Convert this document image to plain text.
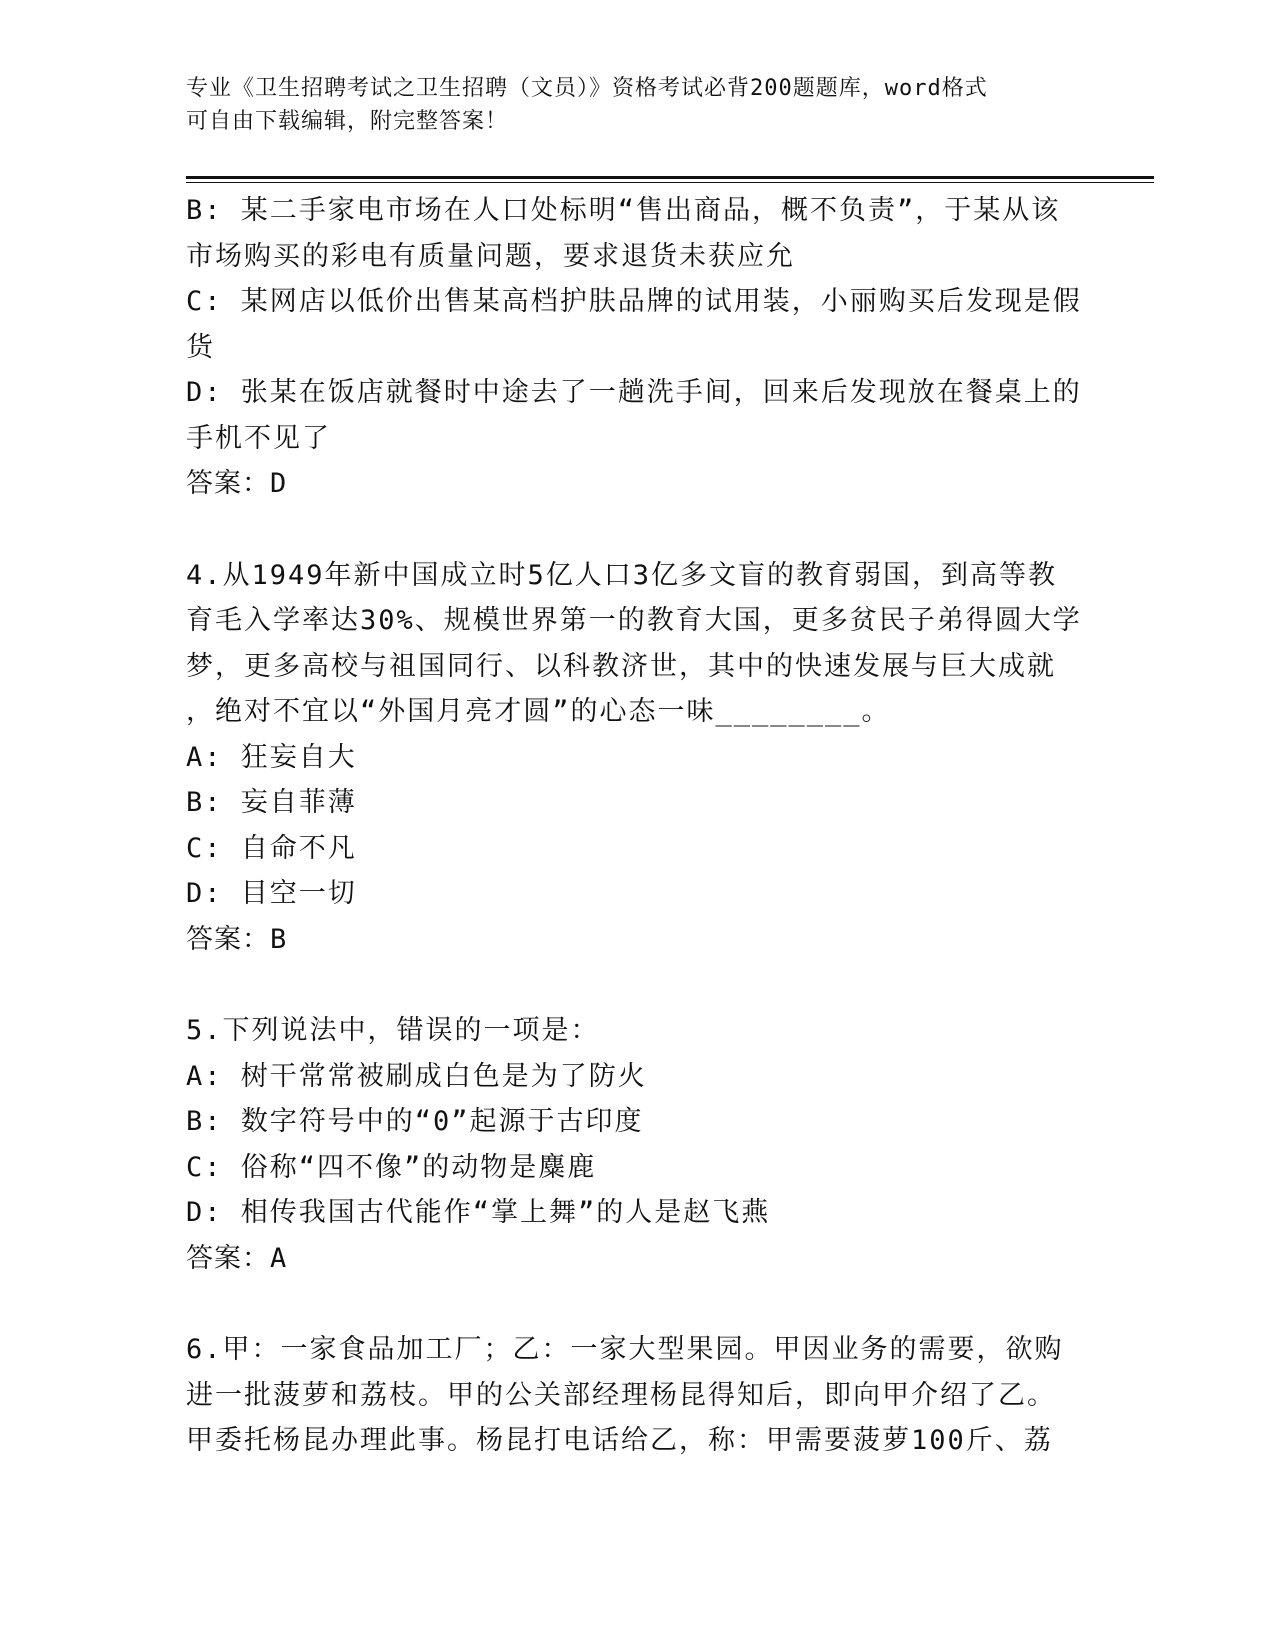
专业《卫生招聘考试之卫生招聘（文员）》资格考试必背200题题库，word格式
可自由下载编辑，附完整答案！
B: 某二手家电市场在人口处标明“售出商品，概不负责”，于某从该
市场购买的彩电有质量问题，要求退货未获应允
C: 某网店以低价出售某高档护肤品牌的试用装，小丽购买后发现是假
货
D: 张某在饭店就餐时中途去了一趟洗手间，回来后发现放在餐桌上的
手机不见了
答案：D
4.从1949年新中国成立时5亿人口3亿多文盲的教育弱国，到高等教
育毛入学率达30%、规模世界第一的教育大国，更多贫民子弟得圆大学
梦，更多高校与祖国同行、以科教济世，其中的快速发展与巨大成就
，绝对不宜以“外国月亮才圆”的心态一味________。
A: 狂妄自大
B: 妄自菲薄
C: 自命不凡
D: 目空一切
答案：B
5.下列说法中，错误的一项是：
A: 树干常常被刷成白色是为了防火
B: 数字符号中的“0”起源于古印度
C: 俗称“四不像”的动物是麋鹿
D: 相传我国古代能作“掌上舞”的人是赵飞燕
答案：A
6.甲：一家食品加工厂；乙：一家大型果园。甲因业务的需要，欲购
进一批菠萝和荔枝。甲的公关部经理杨昆得知后，即向甲介绍了乙。
甲委托杨昆办理此事。杨昆打电话给乙，称：甲需要菠萝100斤、荔
